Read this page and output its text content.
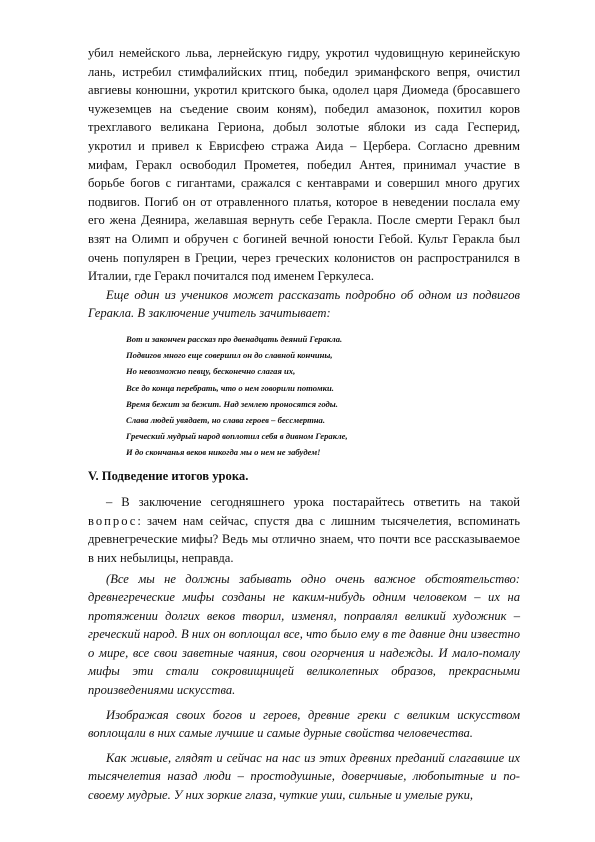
убил немейского льва, лернейскую гидру, укротил чудовищную керинейскую лань, истребил стимфалийских птиц, победил эриманфского вепря, очистил авгиевы конюшни, укротил критского быка, одолел царя Диомеда (бросавшего чужеземцев на съедение своим коням), победил амазонок, похитил коров трехглавого великана Гериона, добыл золотые яблоки из сада Гесперид, укротил и привел к Еврисфею стража Аида – Цербера. Согласно древним мифам, Геракл освободил Прометея, победил Антея, принимал участие в борьбе богов с гигантами, сражался с кентаврами и совершил много других подвигов. Погиб он от отравленного платья, которое в неведении послала ему его жена Деянира, желавшая вернуть себе Геракла. После смерти Геракл был взят на Олимп и обручен с богиней вечной юности Гебой. Культ Геракла был очень популярен в Греции, через греческих колонистов он распространился в Италии, где Геракл почитался под именем Геркулеса.

Еще один из учеников может рассказать подробно об одном из подвигов Геракла. В заключение учитель зачитывает:

Вот и закончен рассказ про двенадцать деяний Геракла.
Подвигов много еще совершил он до славной кончины,
Но невозможно певцу, бесконечно слагая их,
Все до конца перебрать, что о нем говорили потомки.
Время бежит за бежит. Над землею проносятся годы.
Слава людей увядает, но слава героев – бессмертна.
Греческий мудрый народ воплотил себя в дивном Геракле,
И до скончанья веков никогда мы о нем не забудем!

V. Подведение итогов урока.

– В заключение сегодняшнего урока постарайтесь ответить на такой вопрос: зачем нам сейчас, спустя два с лишним тысячелетия, вспоминать древнегреческие мифы? Ведь мы отлично знаем, что почти все рассказываемое в них небылицы, неправда.

(Все мы не должны забывать одно очень важное обстоятельство: древнегреческие мифы созданы не каким-нибудь одним человеком – их на протяжении долгих веков творил, изменял, поправлял великий художник – греческий народ. В них он воплощал все, что было ему в те давние дни известно о мире, все свои заветные чаяния, свои огорчения и надежды. И мало-помалу мифы эти стали сокровищницей великолепных образов, прекрасными произведениями искусства.

Изображая своих богов и героев, древние греки с великим искусством воплощали в них самые лучшие и самые дурные свойства человечества.

Как живые, глядят и сейчас на нас из этих древних преданий слагавшие их тысячелетия назад люди – простодушные, доверчивые, любопытные и по-своему мудрые. У них зоркие глаза, чуткие уши, сильные и умелые руки,
